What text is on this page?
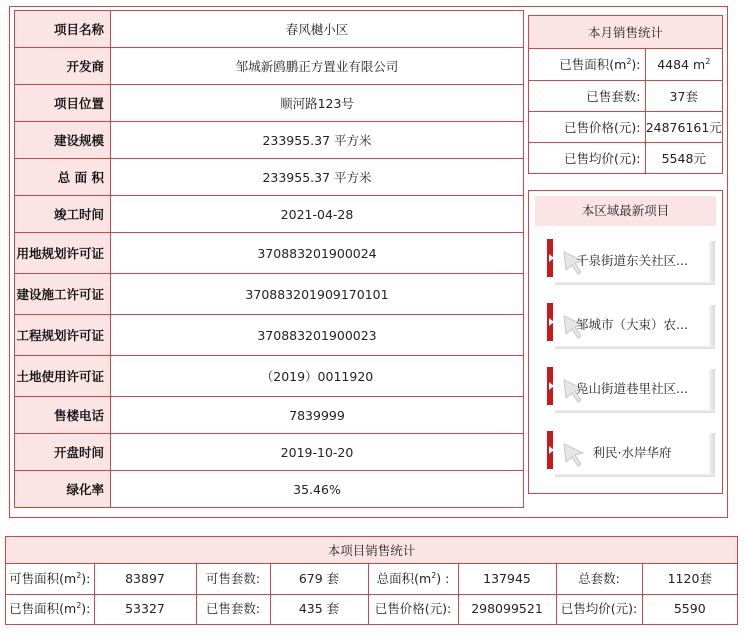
项目名称	春风樾小区
开发商	邹城新鸥鹏正方置业有限公司
项目位置	顺河路123号
建设规模	233955.37 平方米
总 面 积	233955.37 平方米
竣工时间	2021-04-28
用地规划许可证	370883201900024
建设施工许可证	370883201909170101
工程规划许可证	370883201900023
土地使用许可证	（2019）0011920
售楼电话	7839999
开盘时间	2019-10-20
绿化率	35.46%
本月销售统计
已售面积$(m^2)$:	4484 $m^2$
已售套数:	37套
已售价格(元):	24876161元
已售均价(元):	5548元
本区域最新项目
千泉街道东关社区...
邹城市（大束）农...
凫山街道巷里社区...
利民·水岸华府
本项目销售统计
可售面积$(m^2)$:	83897	可售套数:	679 套	总面积$(m^2)$ :	137945	总套数:	1120套
已售面积$(m^2)$:	53327	已售套数:	435 套	已售价格(元):	298099521	已售均价(元):	5590
